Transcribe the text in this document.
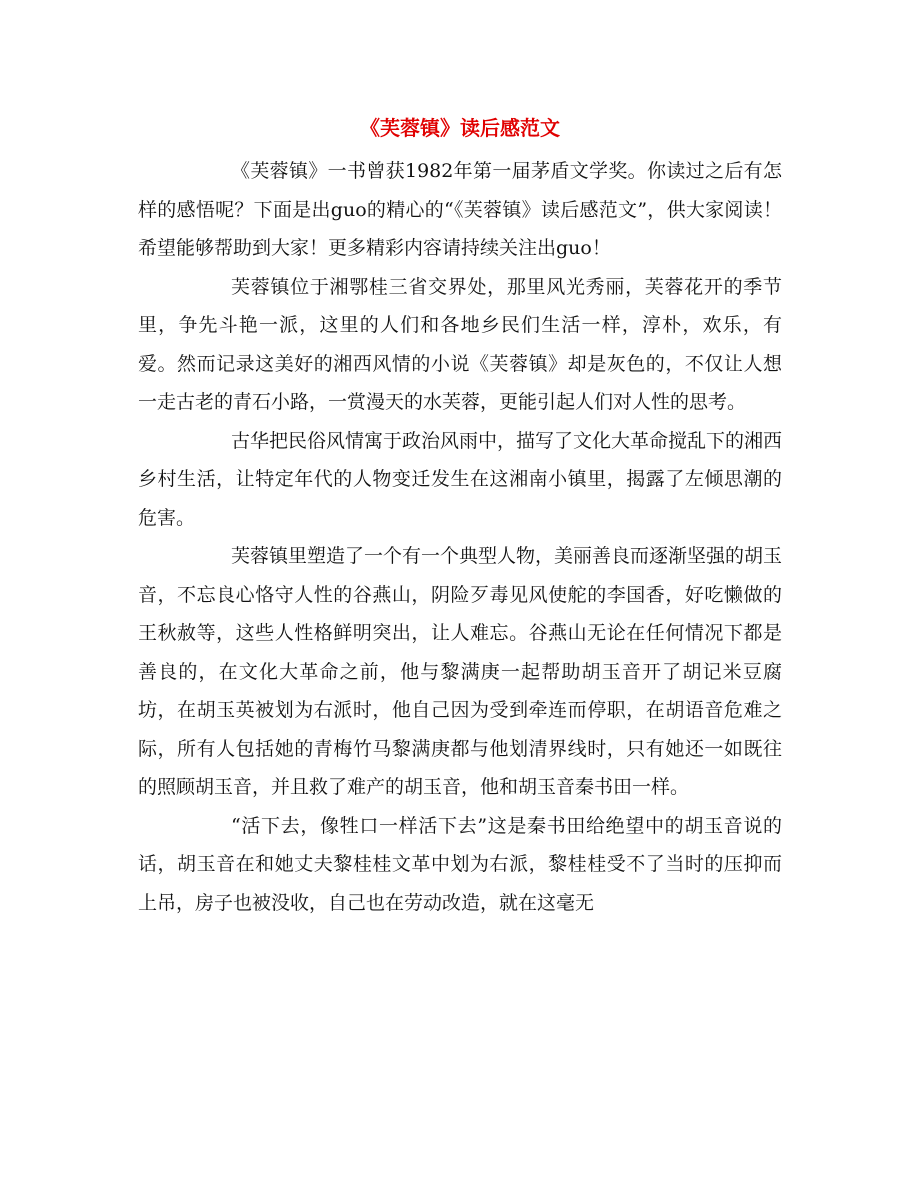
《芙蓉镇》读后感范文

《芙蓉镇》一书曾获1982年第一届茅盾文学奖。你读过之后有怎样的感悟呢？下面是出guo的精心的“《芙蓉镇》读后感范文”，供大家阅读！希望能够帮助到大家！更多精彩内容请持续关注出guo！

芙蓉镇位于湘鄂桂三省交界处，那里风光秀丽，芙蓉花开的季节里，争先斗艳一派，这里的人们和各地乡民们生活一样，淳朴，欢乐，有爱。然而记录这美好的湘西风情的小说《芙蓉镇》却是灰色的，不仅让人想一走古老的青石小路，一赏漫天的水芙蓉，更能引起人们对人性的思考。

古华把民俗风情寓于政治风雨中，描写了文化大革命搅乱下的湘西乡村生活，让特定年代的人物变迁发生在这湘南小镇里，揭露了左倾思潮的危害。

芙蓉镇里塑造了一个有一个典型人物，美丽善良而逐渐坚强的胡玉音，不忘良心恪守人性的谷燕山，阴险歹毒见风使舵的李国香，好吃懒做的王秋赦等，这些人性格鲜明突出，让人难忘。谷燕山无论在任何情况下都是善良的，在文化大革命之前，他与黎满庚一起帮助胡玉音开了胡记米豆腐坊，在胡玉英被划为右派时，他自己因为受到牵连而停职，在胡语音危难之际，所有人包括她的青梅竹马黎满庚都与他划清界线时，只有她还一如既往的照顾胡玉音，并且救了难产的胡玉音，他和胡玉音秦书田一样。

“活下去，像牲口一样活下去”这是秦书田给绝望中的胡玉音说的话，胡玉音在和她丈夫黎桂桂文革中划为右派，黎桂桂受不了当时的压抑而上吊，房子也被没收，自己也在劳动改造，就在这毫无
